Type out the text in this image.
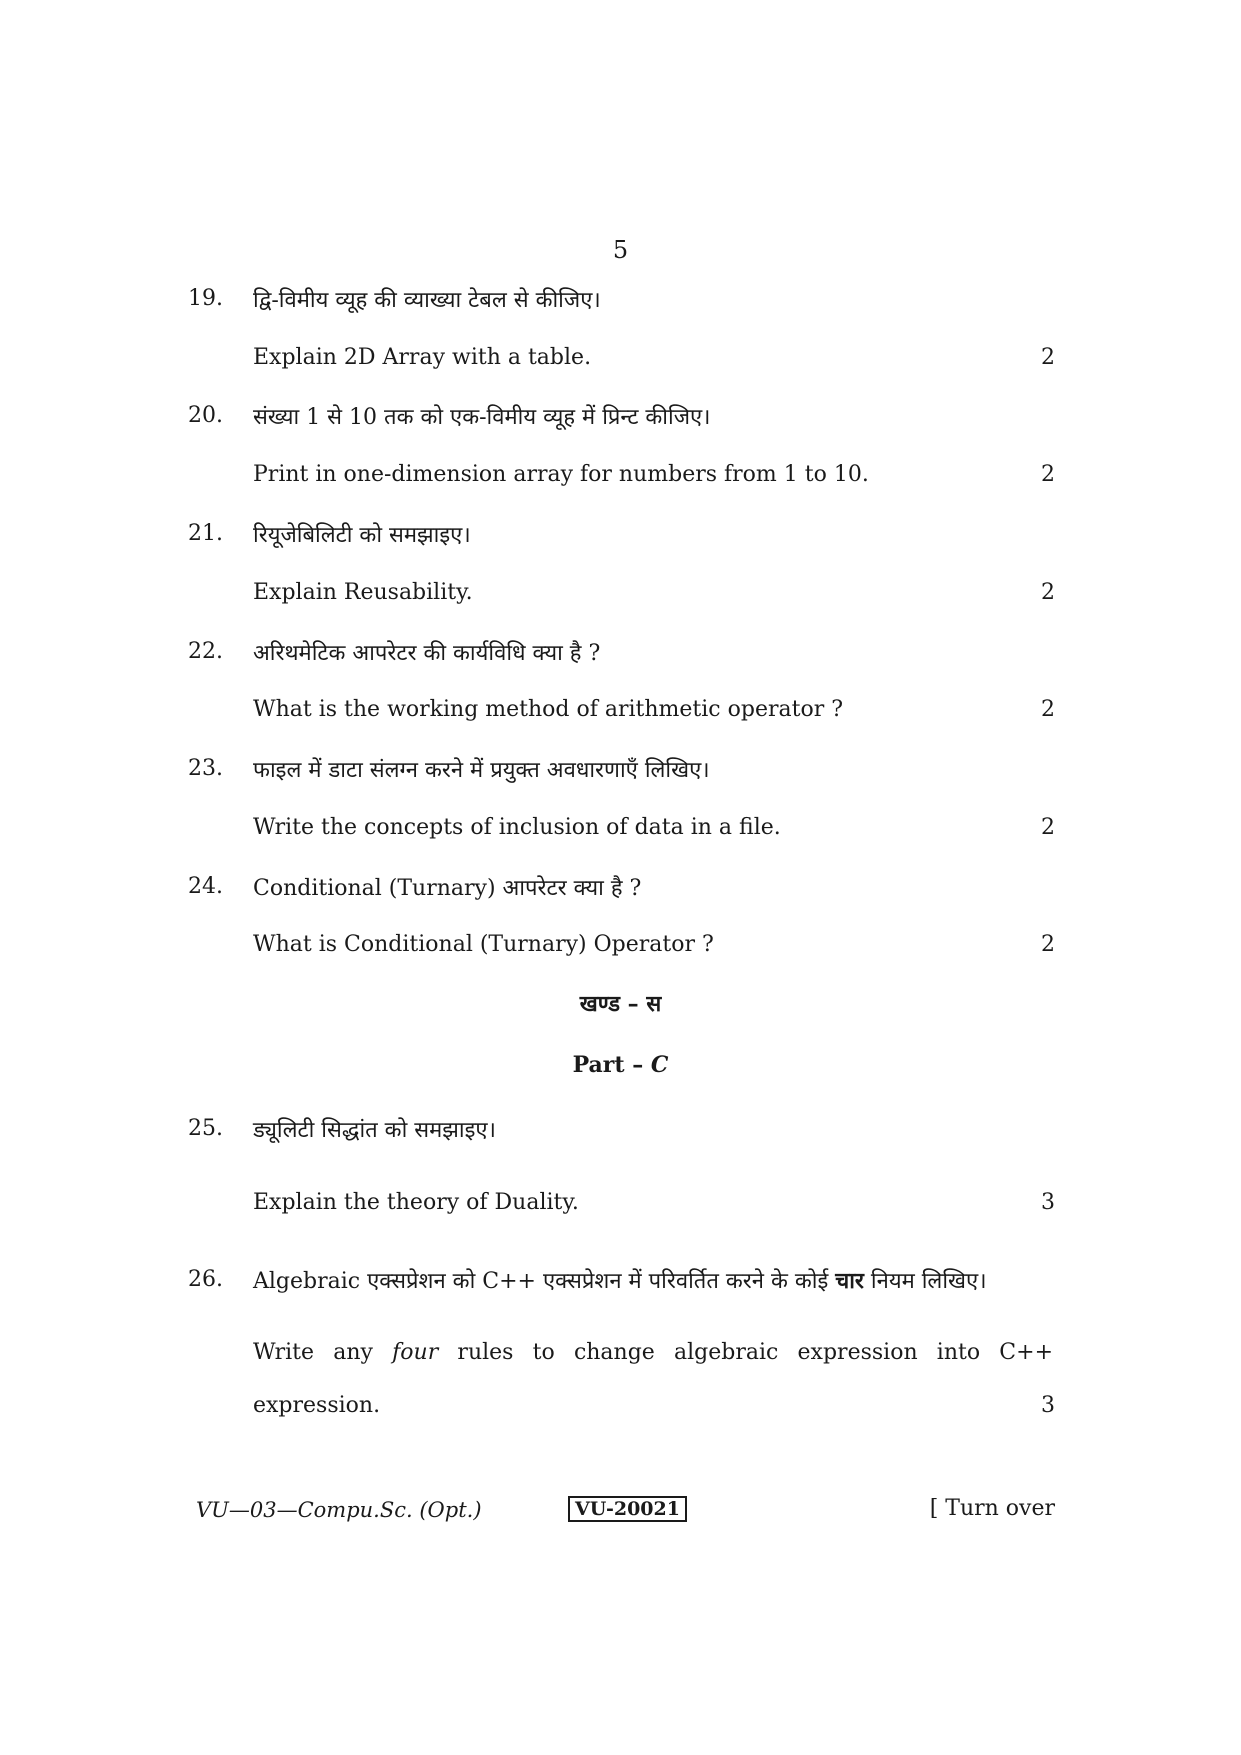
5
19. द्वि-विमीय व्यूह की व्याख्या टेबल से कीजिए।
Explain 2D Array with a table.	2
20. संख्या 1 से 10 तक को एक-विमीय व्यूह में प्रिन्ट कीजिए।
Print in one-dimension array for numbers from 1 to 10.	2
21. रियूजेबिलिटी को समझाइए।
Explain Reusability.	2
22. अरिथमेटिक आपरेटर की कार्यविधि क्या है ?
What is the working method of arithmetic operator ?	2
23. फाइल में डाटा संलग्न करने में प्रयुक्त अवधारणाएँ लिखिए।
Write the concepts of inclusion of data in a file.	2
24. Conditional (Turnary) आपरेटर क्या है ?
What is Conditional (Turnary) Operator ?	2
खण्ड – स
Part – C
25. ड्यूलिटी सिद्धांत को समझाइए।
Explain the theory of Duality.	3
26. Algebraic एक्सप्रेशन को C++ एक्सप्रेशन में परिवर्तित करने के कोई चार नियम लिखिए।
Write any four rules to change algebraic expression into C++
expression.	3
VU—03—Compu.Sc. (Opt.)	VU-20021	[ Turn over
